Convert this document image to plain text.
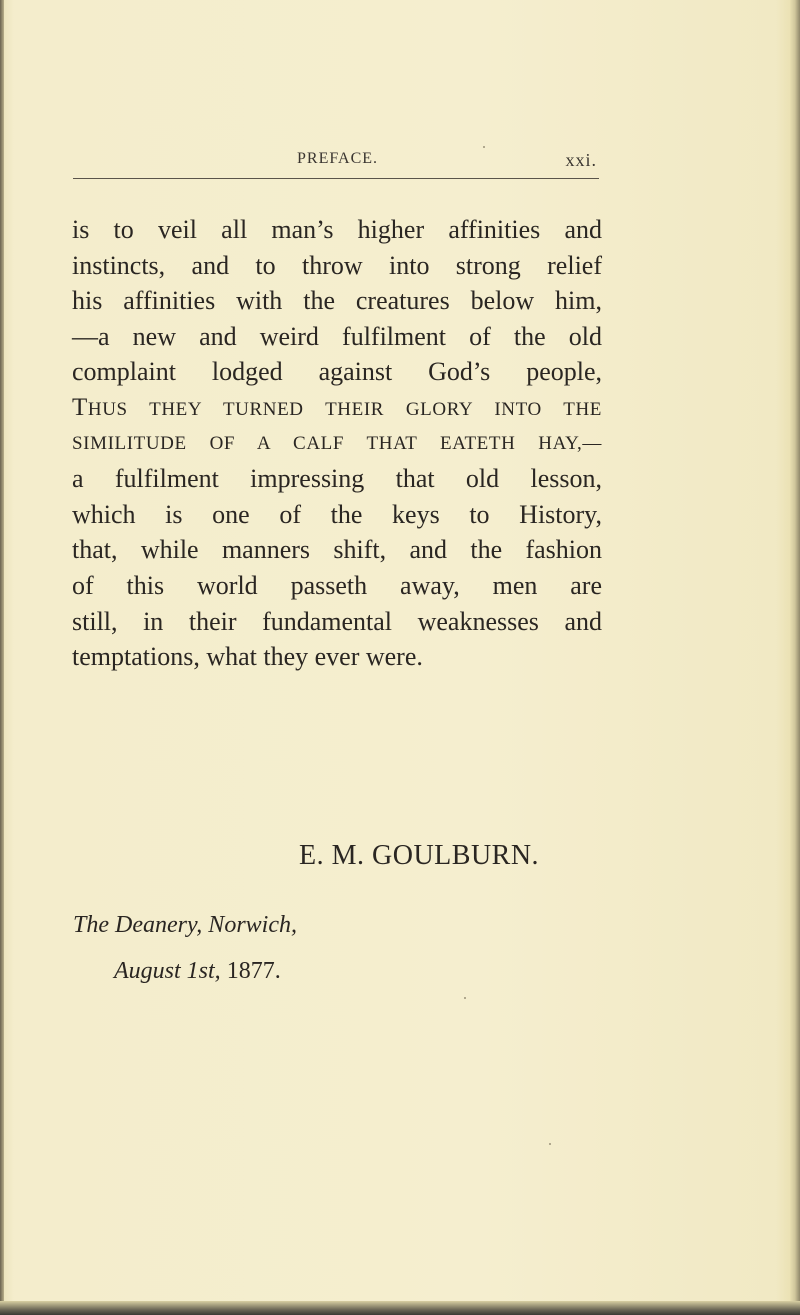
PREFACE.	xxi.
is to veil all man’s higher affinities and
instincts, and to throw into strong relief
his affinities with the creatures below him,
—a new and weird fulfilment of the old
complaint lodged against God’s people,
THUS THEY TURNED THEIR GLORY INTO THE
SIMILITUDE OF A CALF THAT EATETH HAY,—
a fulfilment impressing that old lesson,
which is one of the keys to History,
that, while manners shift, and the fashion
of this world passeth away, men are
still, in their fundamental weaknesses and
temptations, what they ever were.
E. M. GOULBURN.
The Deanery, Norwich,
August 1st, 1877.
